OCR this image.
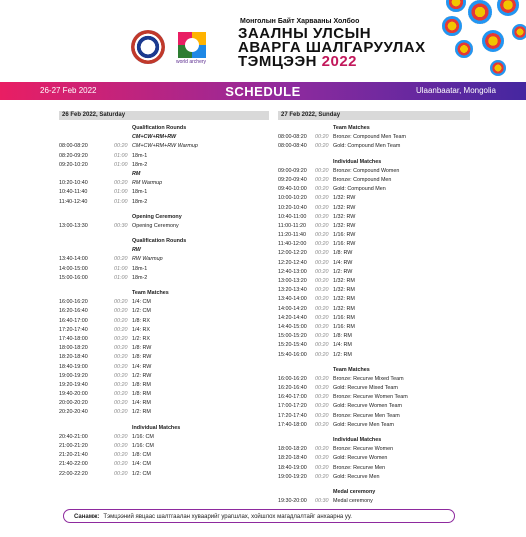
world archery
Монголын Байт Харвааны Холбоо
ЗААЛНЫ УЛСЫН
АВАРГА ШАЛГАРУУЛАХ
ТЭМЦЭЭН 2022
26-27 Feb 2022	SCHEDULE	Ulaanbaatar, Mongolia
26 Feb 2022, Saturday
Qualification Rounds
CM+CW+RM+RW
08:00-08:20	00:20 CM+CW+RM+RW Warmup
08:20-09:20	01:00 18m-1
09:20-10:20	01:00 18m-2
RM
10:20-10:40	00:20 RM Warmup
10:40-11:40	01:00 18m-1
11:40-12:40	01:00 18m-2
Opening Ceremony
13:00-13:30	00:30 Opening Ceremony
Qualification Rounds
RW
13:40-14:00	00:20 RW Warmup
14:00-15:00	01:00 18m-1
15:00-16:00	01:00 18m-2
Team Matches
16:00-16:20	00:20 1/4: CM
16:20-16:40	00:20 1/2: CM
16:40-17:00	00:20 1/8: RX
17:20-17:40	00:20 1/4: RX
17:40-18:00	00:20 1/2: RX
18:00-18:20	00:20 1/8: RW
18:20-18:40	00:20 1/8: RW
18:40-19:00	00:20 1/4: RW
19:00-19:20	00:20 1/2: RW
19:20-19:40	00:20 1/8: RM
19:40-20:00	00:20 1/8: RM
20:00-20:20	00:20 1/4: RM
20:20-20:40	00:20 1/2: RM
Individual Matches
20:40-21:00	00:20 1/16: CM
21:00-21:20	00:20 1/16: CM
21:20-21:40	00:20 1/8: CM
21:40-22:00	00:20 1/4: CM
22:00-22:20	00:20 1/2: CM
27 Feb 2022, Sunday
Team Matches
08:00-08:20 00:20 Bronze: Compound Men Team
08:00-08:40 00:20 Gold: Compound Men Team
Individual Matches
09:00-09:20 00:20 Bronze: Compound Women
09:20-09:40 00:20 Bronze: Compound Men
09:40-10:00 00:20 Gold: Compound Men
10:00-10:20 00:20 1/32: RW
10:20-10:40 00:20 1/32: RW
10:40-11:00 00:20 1/32: RW
11:00-11:20 00:20 1/32: RW
11:20-11:40 00:20 1/16: RW
11:40-12:00 00:20 1/16: RW
12:00-12:20 00:20 1/8: RW
12:20-12:40 00:20 1/4: RW
12:40-13:00 00:20 1/2: RW
13:00-13:20 00:20 1/32: RM
13:20-13:40 00:20 1/32: RM
13:40-14:00 00:20 1/32: RM
14:00-14:20 00:20 1/32: RM
14:20-14:40 00:20 1/16: RM
14:40-15:00 00:20 1/16: RM
15:00-15:20 00:20 1/8: RM
15:20-15:40 00:20 1/4: RM
15:40-16:00 00:20 1/2: RM
Team Matches
16:00-16:20 00:20 Bronze: Recurve Mixed Team
16:20-16:40 00:20 Gold: Recurve Mixed Team
16:40-17:00 00:20 Bronze: Recurve Women Team
17:00-17:20 00:20 Gold: Recurve Women Team
17:20-17:40 00:20 Bronze: Recurve Men Team
17:40-18:00 00:20 Gold: Recurve Men Team
Individual Matches
18:00-18:20 00:20 Bronze: Recurve Women
18:20-18:40 00:20 Gold: Recurve Women
18:40-19:00 00:20 Bronze: Recurve Men
19:00-19:20 00:20 Gold: Recurve Men
Medal ceremony
19:30-20:00 00:30 Medal ceremony
Санамж: Тэмцээний явцаас шалтгаалан хуваарийг урагшлах, хойшлох магадлалтайг анхаарна уу.
